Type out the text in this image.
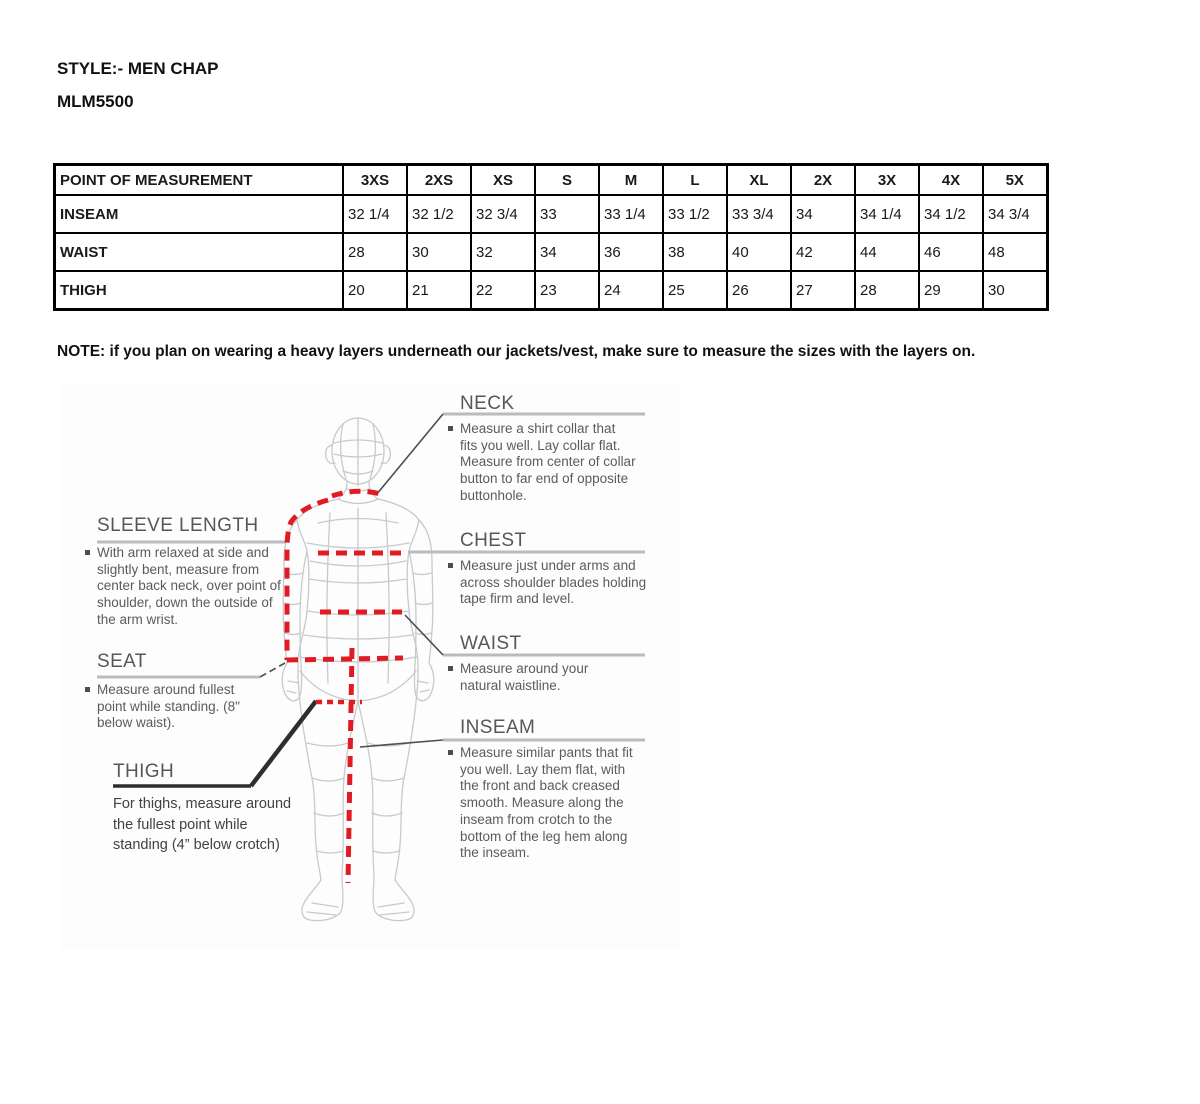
STYLE:- MEN CHAP
MLM5500
POINT OF MEASUREMENT	3XS	2XS	XS	S	M	L	XL	2X	3X	4X	5X
INSEAM	32 1/4	32 1/2	32 3/4	33	33 1/4	33 1/2	33 3/4	34	34 1/4	34 1/2	34 3/4
WAIST	28	30	32	34	36	38	40	42	44	46	48
THIGH	20	21	22	23	24	25	26	27	28	29	30
NOTE: if you plan on wearing a heavy layers underneath our jackets/vest, make sure to measure the sizes with the layers on.
NECK
Measure a shirt collar that fits you well. Lay collar flat. Measure from center of collar button to far end of opposite buttonhole.
CHEST
Measure just under arms and across shoulder blades holding tape firm and level.
WAIST
Measure around your natural waistline.
INSEAM
Measure similar pants that fit you well. Lay them flat, with the front and back creased smooth. Measure along the inseam from crotch to the bottom of the leg hem along the inseam.
SLEEVE LENGTH
With arm relaxed at side and slightly bent, measure from center back neck, over point of shoulder, down the outside of the arm wrist.
SEAT
Measure around fullest point while standing. (8" below waist).
THIGH
For thighs, measure around the fullest point while standing (4” below crotch)
